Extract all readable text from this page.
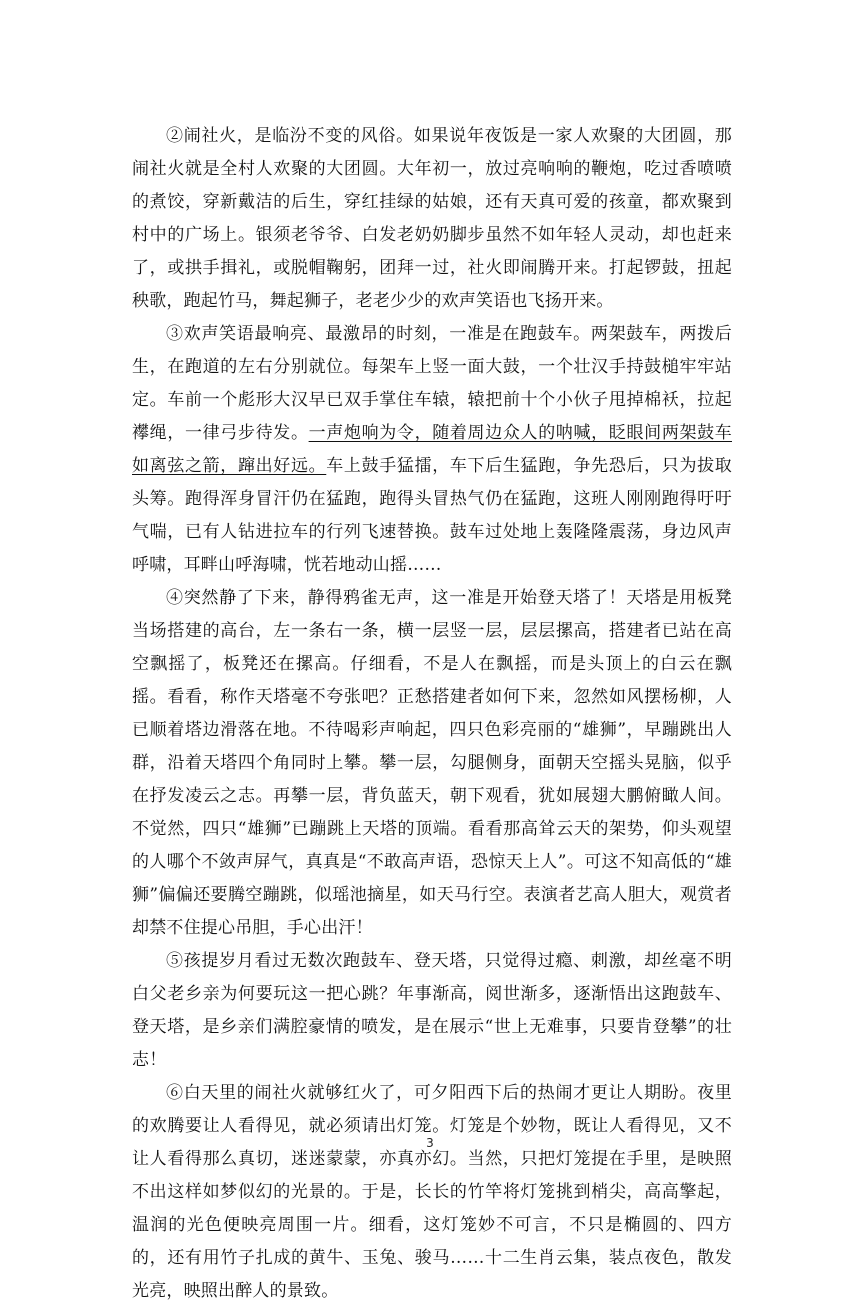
②闹社火，是临汾不变的风俗。如果说年夜饭是一家人欢聚的大团圆，那闹社火就是全村人欢聚的大团圆。大年初一，放过亮响响的鞭炮，吃过香喷喷的煮饺，穿新戴洁的后生，穿红挂绿的姑娘，还有天真可爱的孩童，都欢聚到村中的广场上。银须老爷爷、白发老奶奶脚步虽然不如年轻人灵动，却也赶来了，或拱手揖礼，或脱帽鞠躬，团拜一过，社火即闹腾开来。打起锣鼓，扭起秧歌，跑起竹马，舞起狮子，老老少少的欢声笑语也飞扬开来。

③欢声笑语最响亮、最激昂的时刻，一准是在跑鼓车。两架鼓车，两拨后生，在跑道的左右分别就位。每架车上竖一面大鼓，一个壮汉手持鼓槌牢牢站定。车前一个彪形大汉早已双手掌住车辕，辕把前十个小伙子甩掉棉袄，拉起襻绳，一律弓步待发。一声炮响为令，随着周边众人的呐喊，眨眼间两架鼓车如离弦之箭，蹿出好远。车上鼓手猛擂，车下后生猛跑，争先恐后，只为拔取头筹。跑得浑身冒汗仍在猛跑，跑得头冒热气仍在猛跑，这班人刚刚跑得吁吁气喘，已有人钻进拉车的行列飞速替换。鼓车过处地上轰隆隆震荡，身边风声呼啸，耳畔山呼海啸，恍若地动山摇……

④突然静了下来，静得鸦雀无声，这一准是开始登天塔了！天塔是用板凳当场搭建的高台，左一条右一条，横一层竖一层，层层摞高，搭建者已站在高空飘摇了，板凳还在摞高。仔细看，不是人在飘摇，而是头顶上的白云在飘摇。看看，称作天塔毫不夸张吧？正愁搭建者如何下来，忽然如风摆杨柳，人已顺着塔边滑落在地。不待喝彩声响起，四只色彩亮丽的“雄狮”，早蹦跳出人群，沿着天塔四个角同时上攀。攀一层，勾腿侧身，面朝天空摇头晃脑，似乎在抒发凌云之志。再攀一层，背负蓝天，朝下观看，犹如展翅大鹏俯瞰人间。不觉然，四只“雄狮”已蹦跳上天塔的顶端。看看那高耸云天的架势，仰头观望的人哪个不敛声屏气，真真是“不敢高声语，恐惊天上人”。可这不知高低的“雄狮”偏偏还要腾空蹦跳，似瑶池摘星，如天马行空。表演者艺高人胆大，观赏者却禁不住提心吊胆，手心出汗！

⑤孩提岁月看过无数次跑鼓车、登天塔，只觉得过瘾、刺激，却丝毫不明白父老乡亲为何要玩这一把心跳？年事渐高，阅世渐多，逐渐悟出这跑鼓车、登天塔，是乡亲们满腔豪情的喷发，是在展示“世上无难事，只要肯登攀”的壮志！

⑥白天里的闹社火就够红火了，可夕阳西下后的热闹才更让人期盼。夜里的欢腾要让人看得见，就必须请出灯笼。灯笼是个妙物，既让人看得见，又不让人看得那么真切，迷迷蒙蒙，亦真亦幻。当然，只把灯笼提在手里，是映照不出这样如梦似幻的光景的。于是，长长的竹竿将灯笼挑到梢尖，高高擎起，温润的光色便映亮周围一片。细看，这灯笼妙不可言，不只是椭圆的、四方的，还有用竹子扎成的黄牛、玉兔、骏马……十二生肖云集，装点夜色，散发光亮，映照出醉人的景致。

3
